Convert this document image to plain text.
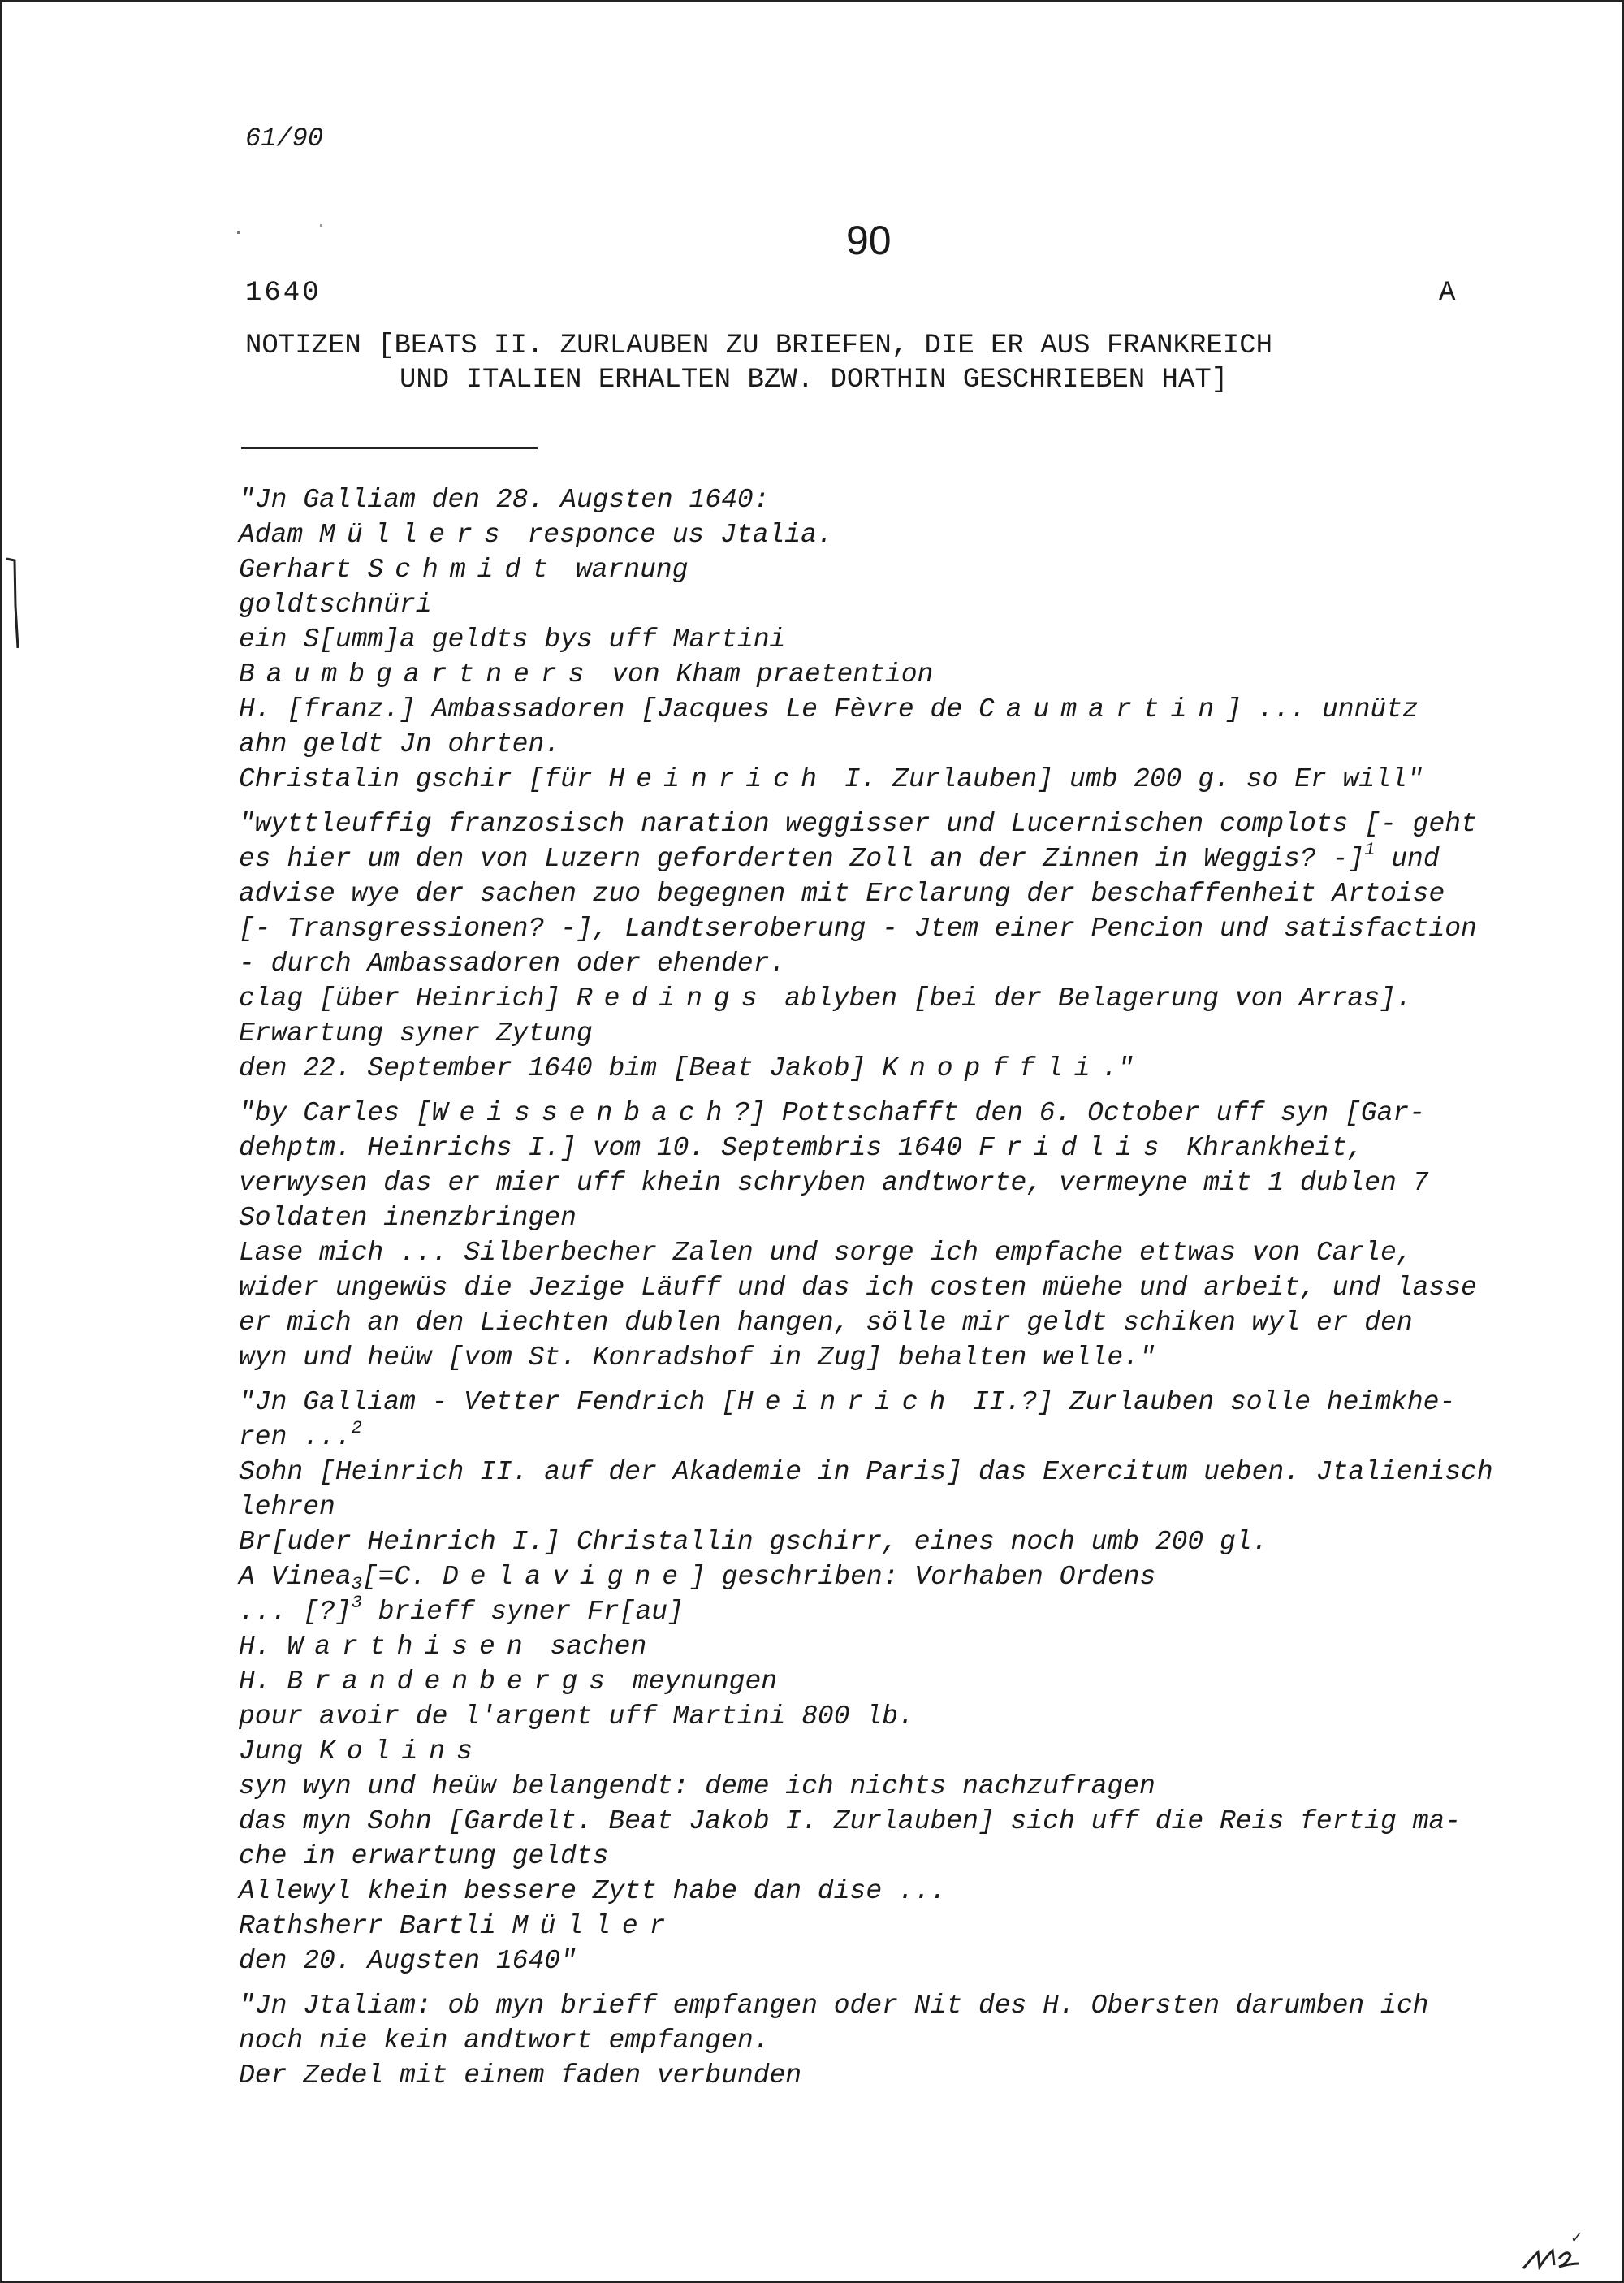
61/90
90
1640	A
NOTIZEN [BEATS II. ZURLAUBEN ZU BRIEFEN, DIE ER AUS FRANKREICH
UND ITALIEN ERHALTEN BZW. DORTHIN GESCHRIEBEN HAT]
"Jn Galliam den 28. Augsten 1640:
Adam Müllers responce us Jtalia.
Gerhart Schmidt warnung
goldtschnüri
ein S[umm]a geldts bys uff Martini
Baumbgartners von Kham praetention
H. [franz.] Ambassadoren [Jacques Le Fèvre de Caumartin] ... unnütz
ahn geldt Jn ohrten.
Christalin gschir [für Heinrich I. Zurlauben] umb 200 g. so Er will"
"wyttleuffig franzosisch naration weggisser und Lucernischen complots [- geht
es hier um den von Luzern geforderten Zoll an der Zinnen in Weggis? -]$^1$ und
advise wye der sachen zuo begegnen mit Erclarung der beschaffenheit Artoise
[- Transgressionen? -], Landtseroberung - Jtem einer Pencion und satisfaction
- durch Ambassadoren oder ehender.
clag [über Heinrich] Redings ablyben [bei der Belagerung von Arras].
Erwartung syner Zytung
den 22. September 1640 bim [Beat Jakob] Knopffli."
"by Carles [Weissenbach?] Pottschafft den 6. October uff syn [Gar-
dehptm. Heinrichs I.] vom 10. Septembris 1640 Fridlis Khrankheit,
verwysen das er mier uff khein schryben andtworte, vermeyne mit 1 dublen 7
Soldaten inenzbringen
Lase mich ... Silberbecher Zalen und sorge ich empfache ettwas von Carle,
wider ungewüs die Jezige Läuff und das ich costen müehe und arbeit, und lasse
er mich an den Liechten dublen hangen, sölle mir geldt schiken wyl er den
wyn und heüw [vom St. Konradshof in Zug] behalten welle."
"Jn Galliam - Vetter Fendrich [Heinrich II.?] Zurlauben solle heimkhe-
ren ...$^2$
Sohn [Heinrich II. auf der Akademie in Paris] das Exercitum ueben. Jtalienisch
lehren
Br[uder Heinrich I.] Christallin gschirr, eines noch umb 200 gl.
A Vinea$_3$[=C. Delavigne] geschriben: Vorhaben Ordens
... [?]$^3$ brieff syner Fr[au]
H. Warthisen sachen
H. Brandenbergs meynungen
pour avoir de l'argent uff Martini 800 lb.
Jung Kolins
syn wyn und heüw belangendt: deme ich nichts nachzufragen
das myn Sohn [Gardelt. Beat Jakob I. Zurlauben] sich uff die Reis fertig ma-
che in erwartung geldts
Allewyl khein bessere Zytt habe dan dise ...
Rathsherr Bartli Müller
den 20. Augsten 1640"
"Jn Jtaliam: ob myn brieff empfangen oder Nit des H. Obersten darumben ich
noch nie kein andtwort empfangen.
Der Zedel mit einem faden verbunden
✓
